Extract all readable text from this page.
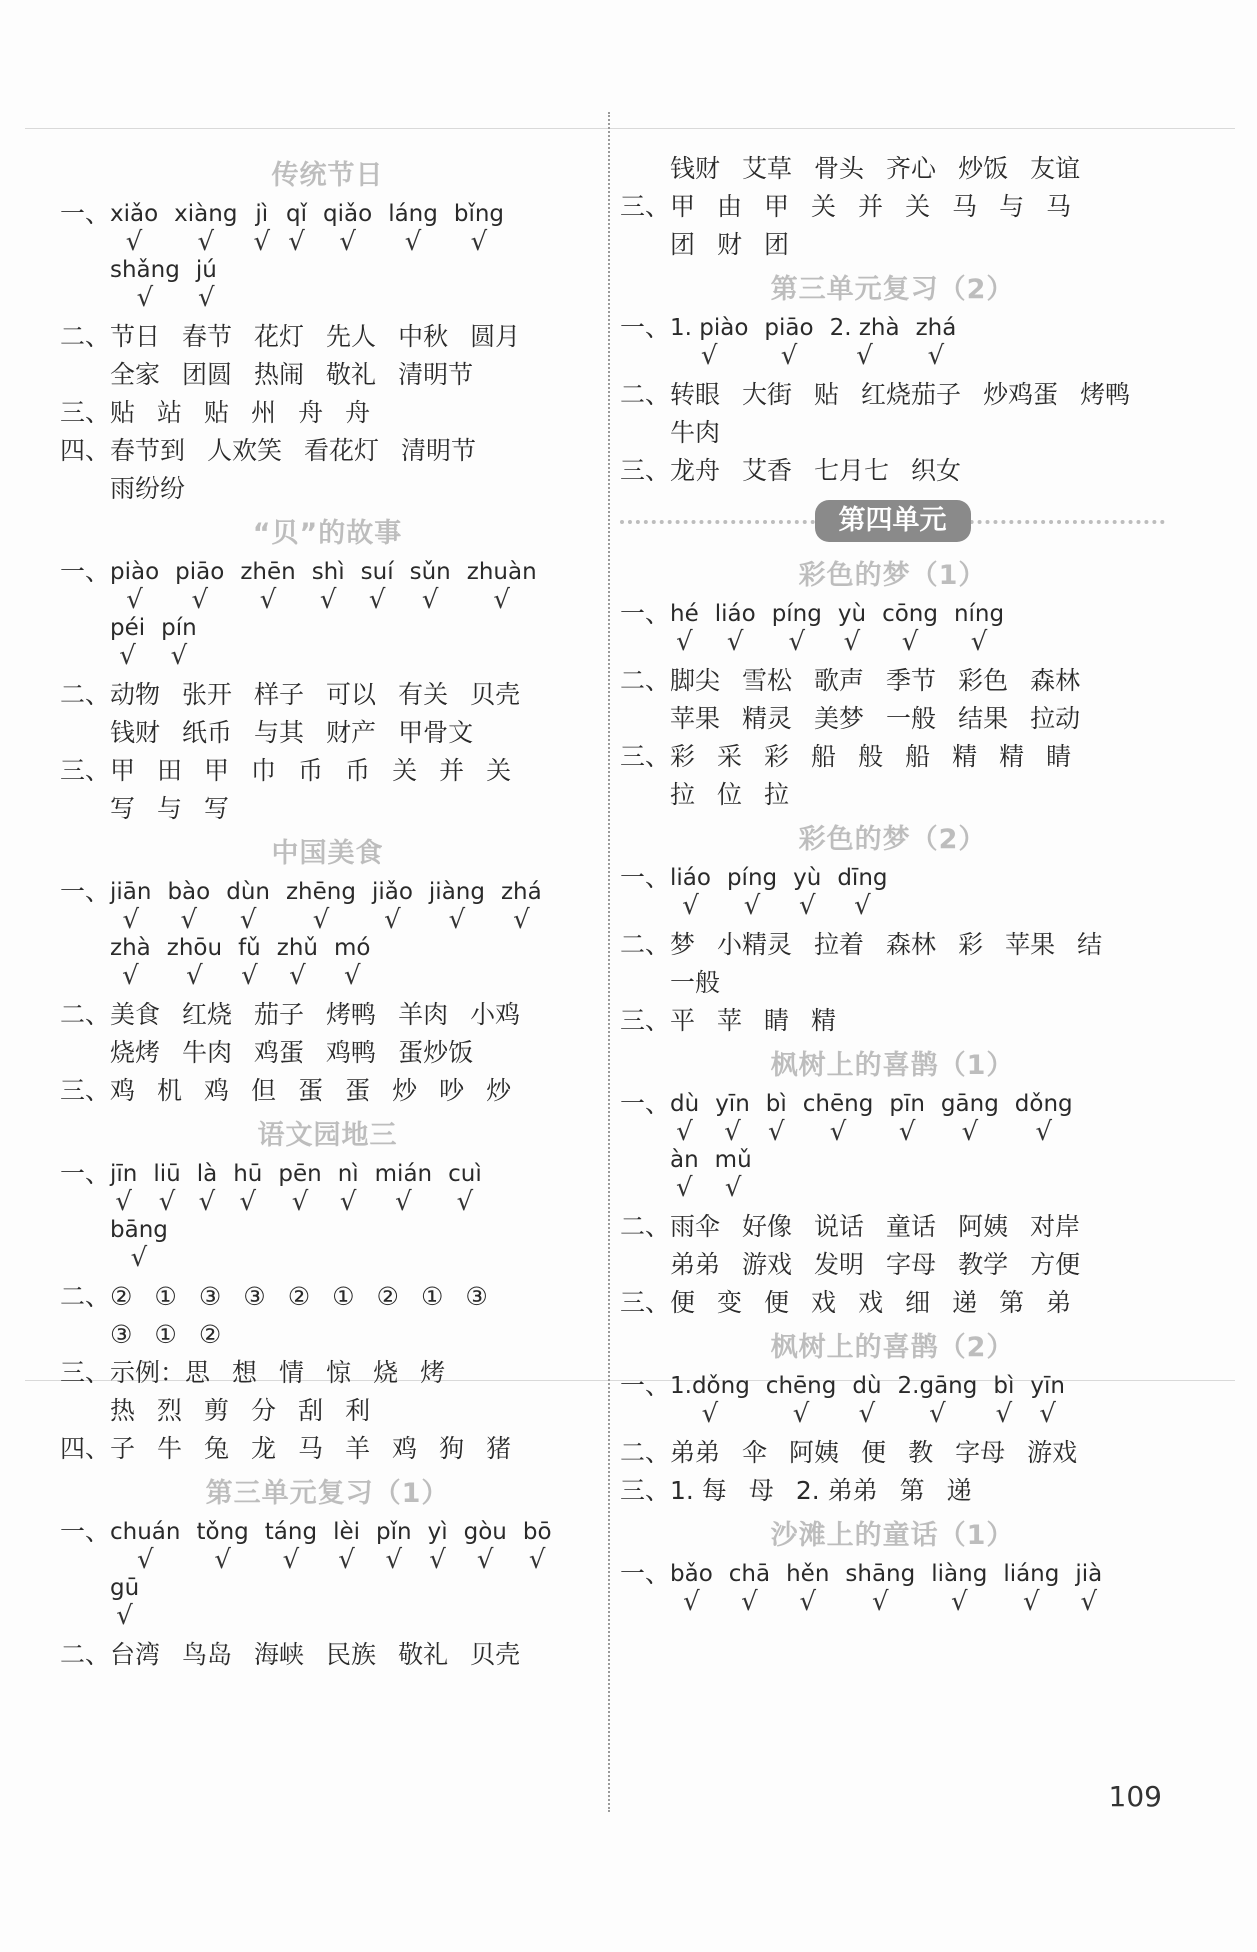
传统节日
一、 xiǎo
√
xiàng
√
jì
√
qǐ
√
qiǎo
√
láng
√
bǐng
√
shǎng
√
jú
√
二、 节日 春节 花灯 先人 中秋 圆月
全家 团圆 热闹 敬礼 清明节
三、 贴 站 贴 州 舟 舟
四、 春节到 人欢笑 看花灯 清明节
雨纷纷
“贝”的故事
一、 piào
√
piāo
√
zhēn
√
shì
√
suí
√
sǔn
√
zhuàn
√
péi
√
pín
√
二、 动物 张开 样子 可以 有关 贝壳
钱财 纸币 与其 财产 甲骨文
三、 甲 田 甲 巾 币 币 关 并 关
写 与 写
中国美食
一、 jiān
√
bào
√
dùn
√
zhēng
√
jiǎo
√
jiàng
√
zhá
√
zhà
√
zhōu
√
fǔ
√
zhǔ
√
mó
√
二、 美食 红烧 茄子 烤鸭 羊肉 小鸡
烧烤 牛肉 鸡蛋 鸡鸭 蛋炒饭
三、 鸡 机 鸡 但 蛋 蛋 炒 吵 炒
语文园地三
一、 jīn
√
liū
√
là
√
hū
√
pēn
√
nì
√
mián
√
cuì
√
bāng
√
二、 ② ① ③ ③ ② ① ② ① ③
③ ① ②
三、 示例：思 想 情 惊 烧 烤
热 烈 剪 分 刮 利
四、 子 牛 兔 龙 马 羊 鸡 狗 猪
第三单元复习（1）
一、 chuán
√
tǒng
√
táng
√
lèi
√
pǐn
√
yì
√
gòu
√
bō
√
gū
√
二、 台湾 鸟岛 海峡 民族 敬礼 贝壳
钱财 艾草 骨头 齐心 炒饭 友谊
三、 甲 由 甲 关 并 关 马 与 马
团 财 团
第三单元复习（2）
一、 1. piào
√
piāo
√
2. zhà
√
zhá
√
二、 转眼 大街 贴 红烧茄子 炒鸡蛋 烤鸭
牛肉
三、 龙舟 艾香 七月七 织女
第四单元
彩色的梦（1）
一、 hé
√
liáo
√
píng
√
yù
√
cōng
√
níng
√
二、 脚尖 雪松 歌声 季节 彩色 森林
苹果 精灵 美梦 一般 结果 拉动
三、 彩 采 彩 船 般 船 精 精 睛
拉 位 拉
彩色的梦（2）
一、 liáo
√
píng
√
yù
√
dīng
√
二、 梦 小精灵 拉着 森林 彩 苹果 结
一般
三、 平 苹 睛 精
枫树上的喜鹊（1）
一、 dù
√
yīn
√
bì
√
chēng
√
pīn
√
gāng
√
dǒng
√
àn
√
mǔ
√
二、 雨伞 好像 说话 童话 阿姨 对岸
弟弟 游戏 发明 字母 教学 方便
三、 便 变 便 戏 戏 细 递 第 弟
枫树上的喜鹊（2）
一、 1.dǒng
√
chēng
√
dù
√
2.gāng
√
bì
√
yīn
√
二、 弟弟 伞 阿姨 便 教 字母 游戏
三、 1. 每 母 2. 弟弟 第 递
沙滩上的童话（1）
一、 bǎo
√
chā
√
hěn
√
shāng
√
liàng
√
liáng
√
jià
√
109
